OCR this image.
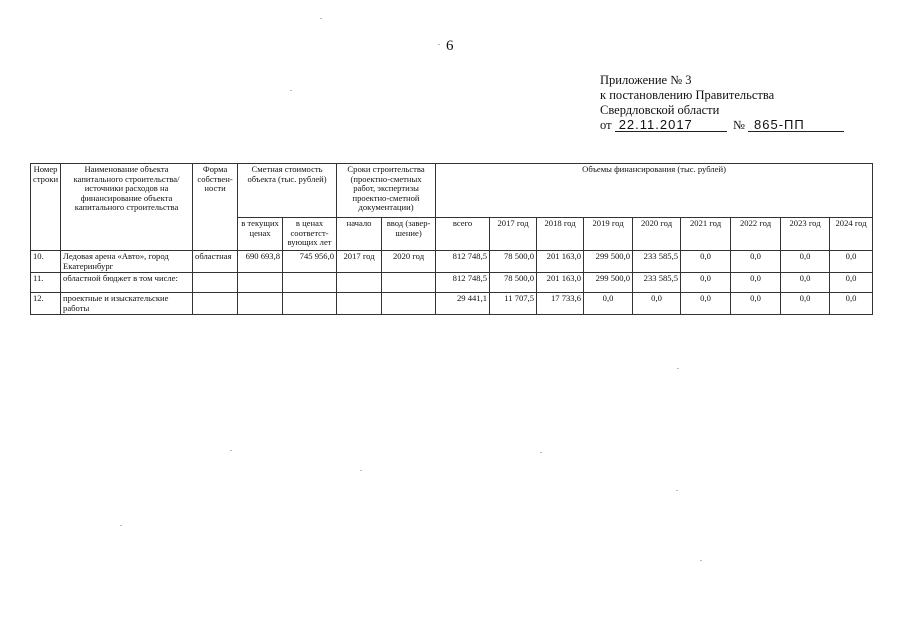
6
Приложение № 3
к постановлению Правительства
Свердловской области
от 22.11.2017	№ 865-ПП
Номер строки	Наименование объекта капитального строительства/ источники расходов на финансирование объекта капитального строительства	Форма собствен-ности	Сметная стоимость объекта (тыс. рублей)		Сроки строительства (проектно-сметных работ, экспертизы проектно-сметной документации)		Объемы финансирования (тыс. рублей)								
			в текущих ценах	в ценах соответст-вующих лет	начало	ввод (завер-шение)	всего	2017 год	2018 год	2019 год	2020 год	2021 год	2022 год	2023 год	2024 год
10.	Ледовая арена «Авто», город Екатеринбург	областная	690 693,8	745 956,0	2017 год	2020 год	812 748,5	78 500,0	201 163,0	299 500,0	233 585,5	0,0	0,0	0,0	0,0
11.	областной бюджет в том числе:						812 748,5	78 500,0	201 163,0	299 500,0	233 585,5	0,0	0,0	0,0	0,0
12.	проектные и изыскательские работы						29 441,1	11 707,5	17 733,6	0,0	0,0	0,0	0,0	0,0	0,0
